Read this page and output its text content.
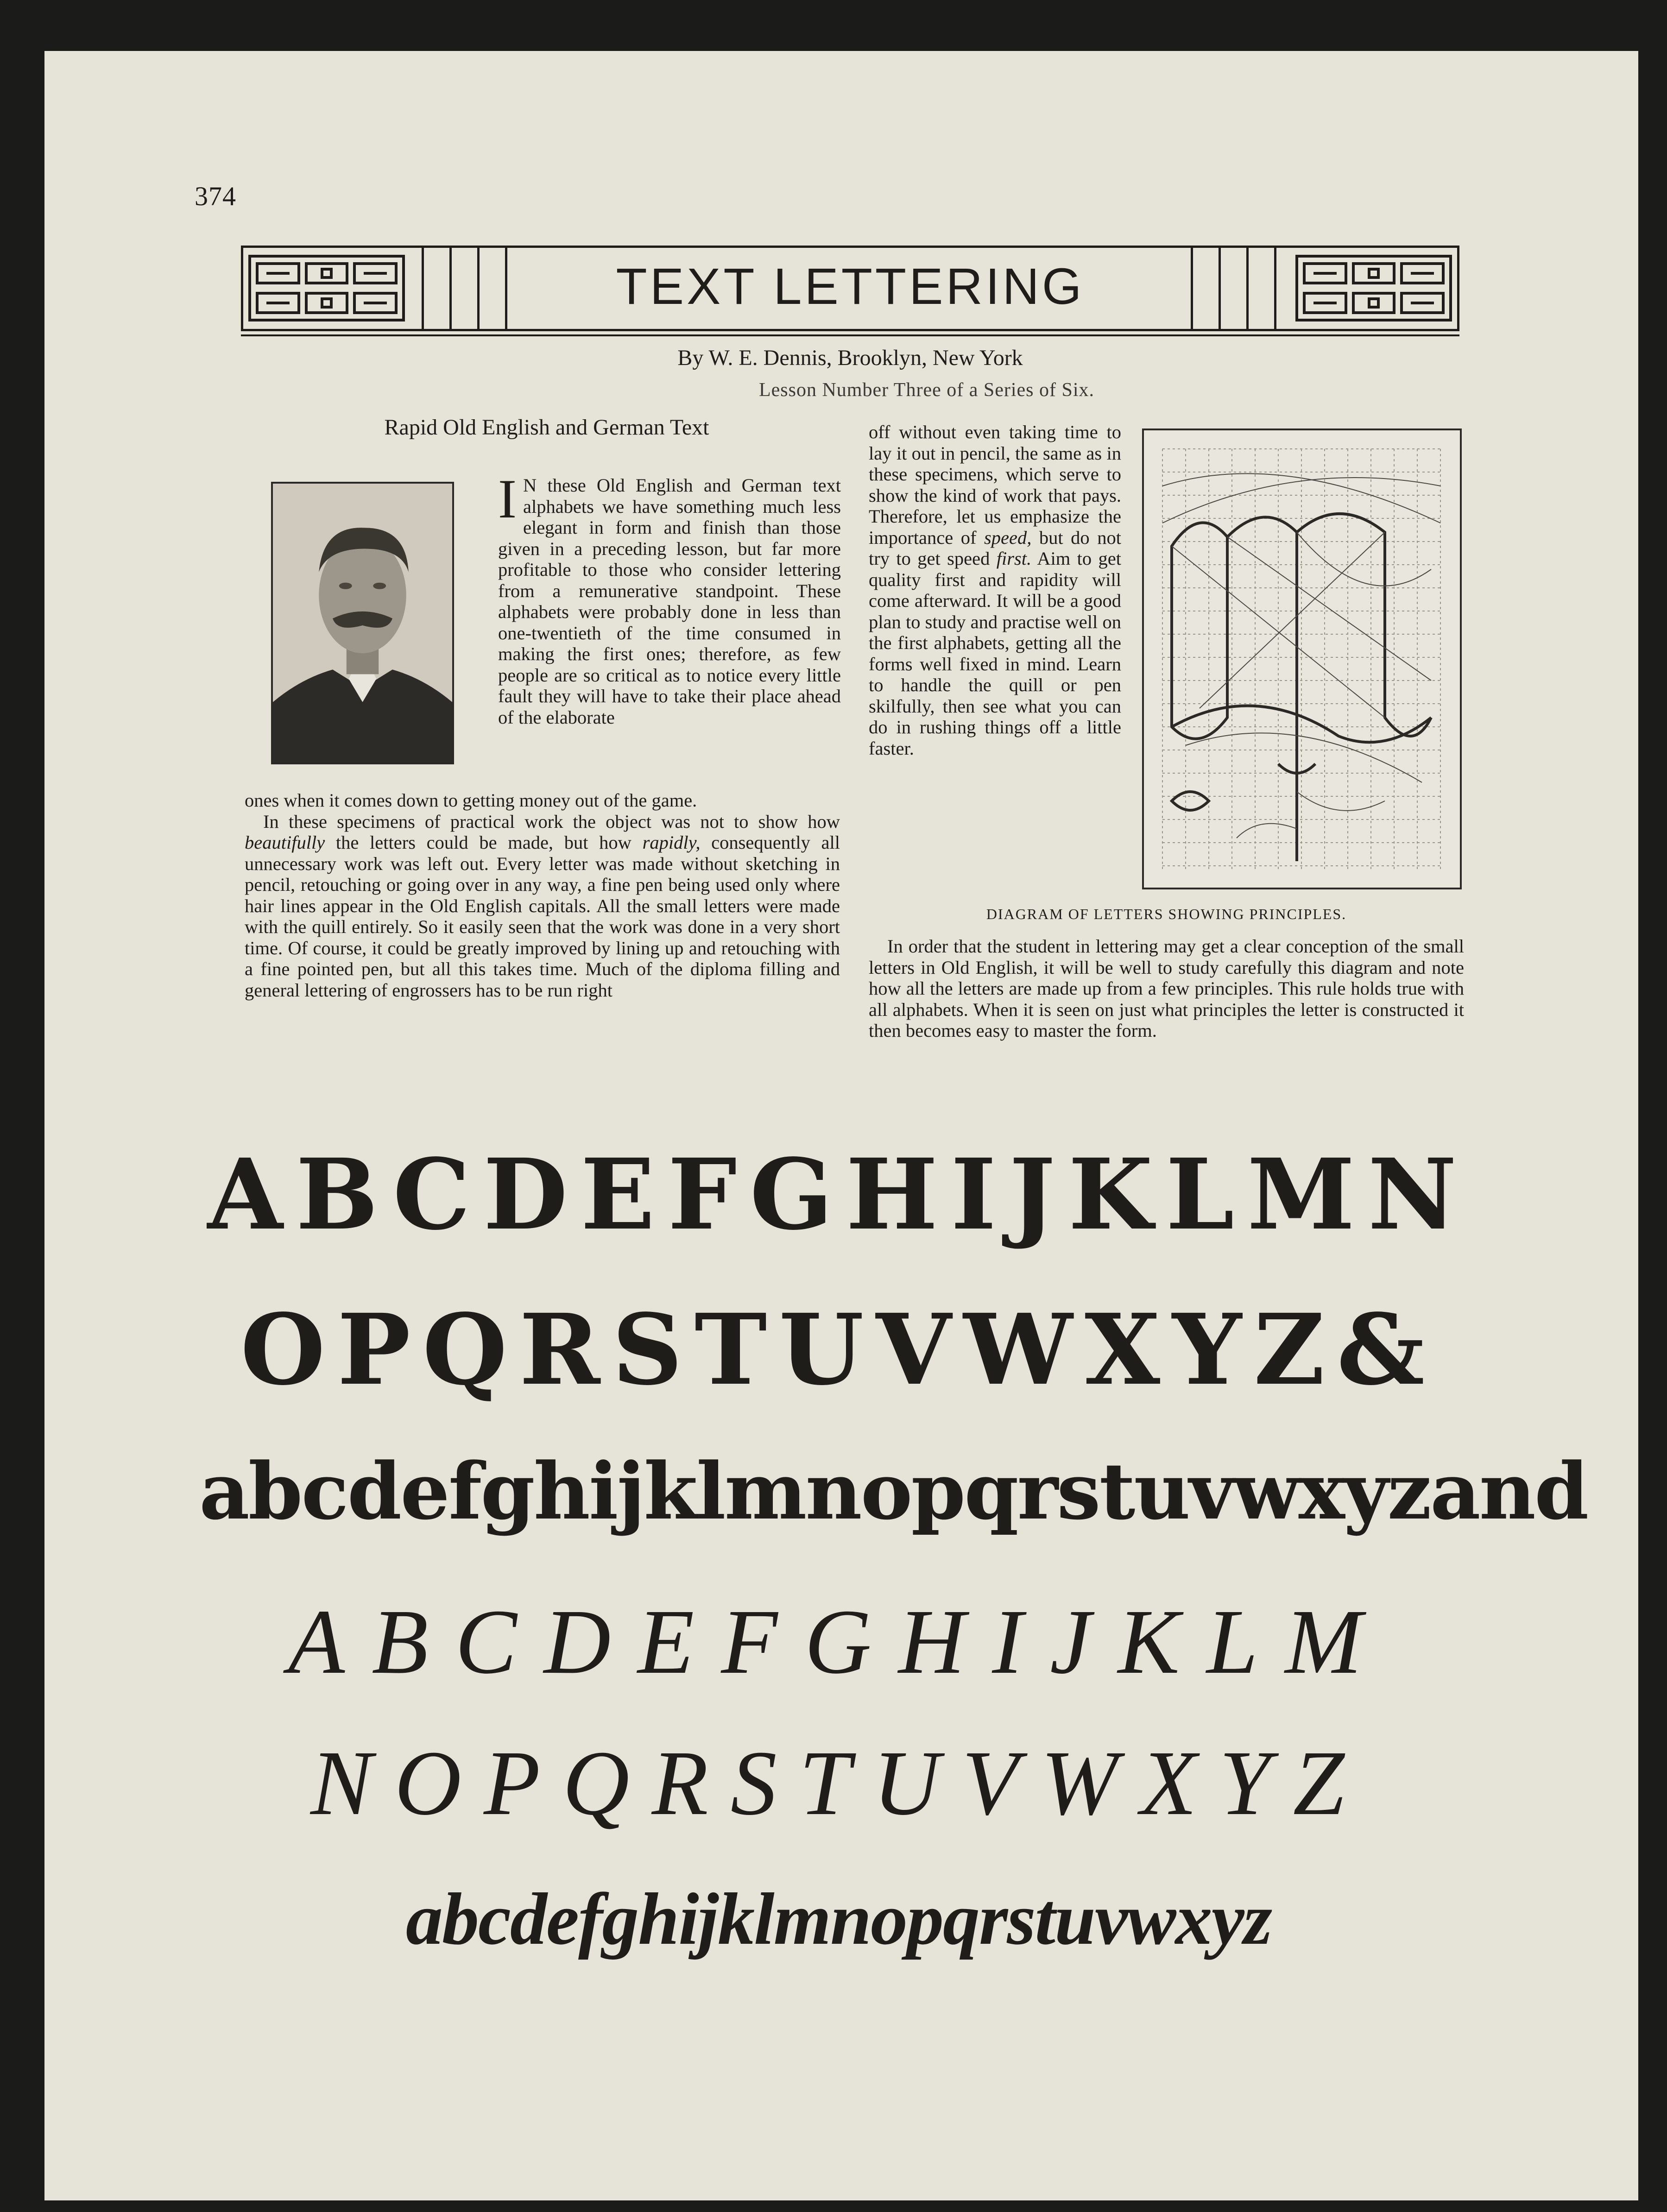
374
TEXT LETTERING
By W. E. Dennis, Brooklyn, New York
Lesson Number Three of a Series of Six.
Rapid Old English and German Text

I N these Old English and German text alphabets we have something much less elegant in form and finish than those given in a preceding lesson, but far more profitable to those who consider lettering from a remunerative standpoint. These alphabets were probably done in less than one-twentieth of the time consumed in making the first ones; therefore, as few people are so critical as to notice every little fault they will have to take their place ahead of the elaborate

ones when it comes down to getting money out of the game.

In these specimens of practical work the object was not to show how beautifully the letters could be made, but how rapidly, consequently all unnecessary work was left out. Every letter was made without sketching in pencil, retouching or going over in any way, a fine pen being used only where hair lines appear in the Old English capitals. All the small letters were made with the quill entirely. So it easily seen that the work was done in a very short time. Of course, it could be greatly improved by lining up and retouching with a fine pointed pen, but all this takes time. Much of the diploma filling and general lettering of engrossers has to be run right

off without even taking time to lay it out in pencil, the same as in these specimens, which serve to show the kind of work that pays. Therefore, let us emphasize the importance of speed, but do not try to get speed first. Aim to get quality first and rapidity will come afterward. It will be a good plan to study and practise well on the first alphabets, getting all the forms well fixed in mind. Learn to handle the quill or pen skilfully, then see what you can do in rushing things off a little faster.

DIAGRAM OF LETTERS SHOWING PRINCIPLES.

In order that the student in lettering may get a clear conception of the small letters in Old English, it will be well to study carefully this diagram and note how all the letters are made up from a few principles. This rule holds true with all alphabets. When it is seen on just what principles the letter is constructed it then becomes easy to master the form.

ABCDEFGHIJKLMN
OPQRSTUVWXYZ&
abcdefghijklmnopqrstuvwxyzand
ABCDEFGHIJKLM
NOPQRSTUVWXYZ
abcdefghijklmnopqrstuvwxyz
